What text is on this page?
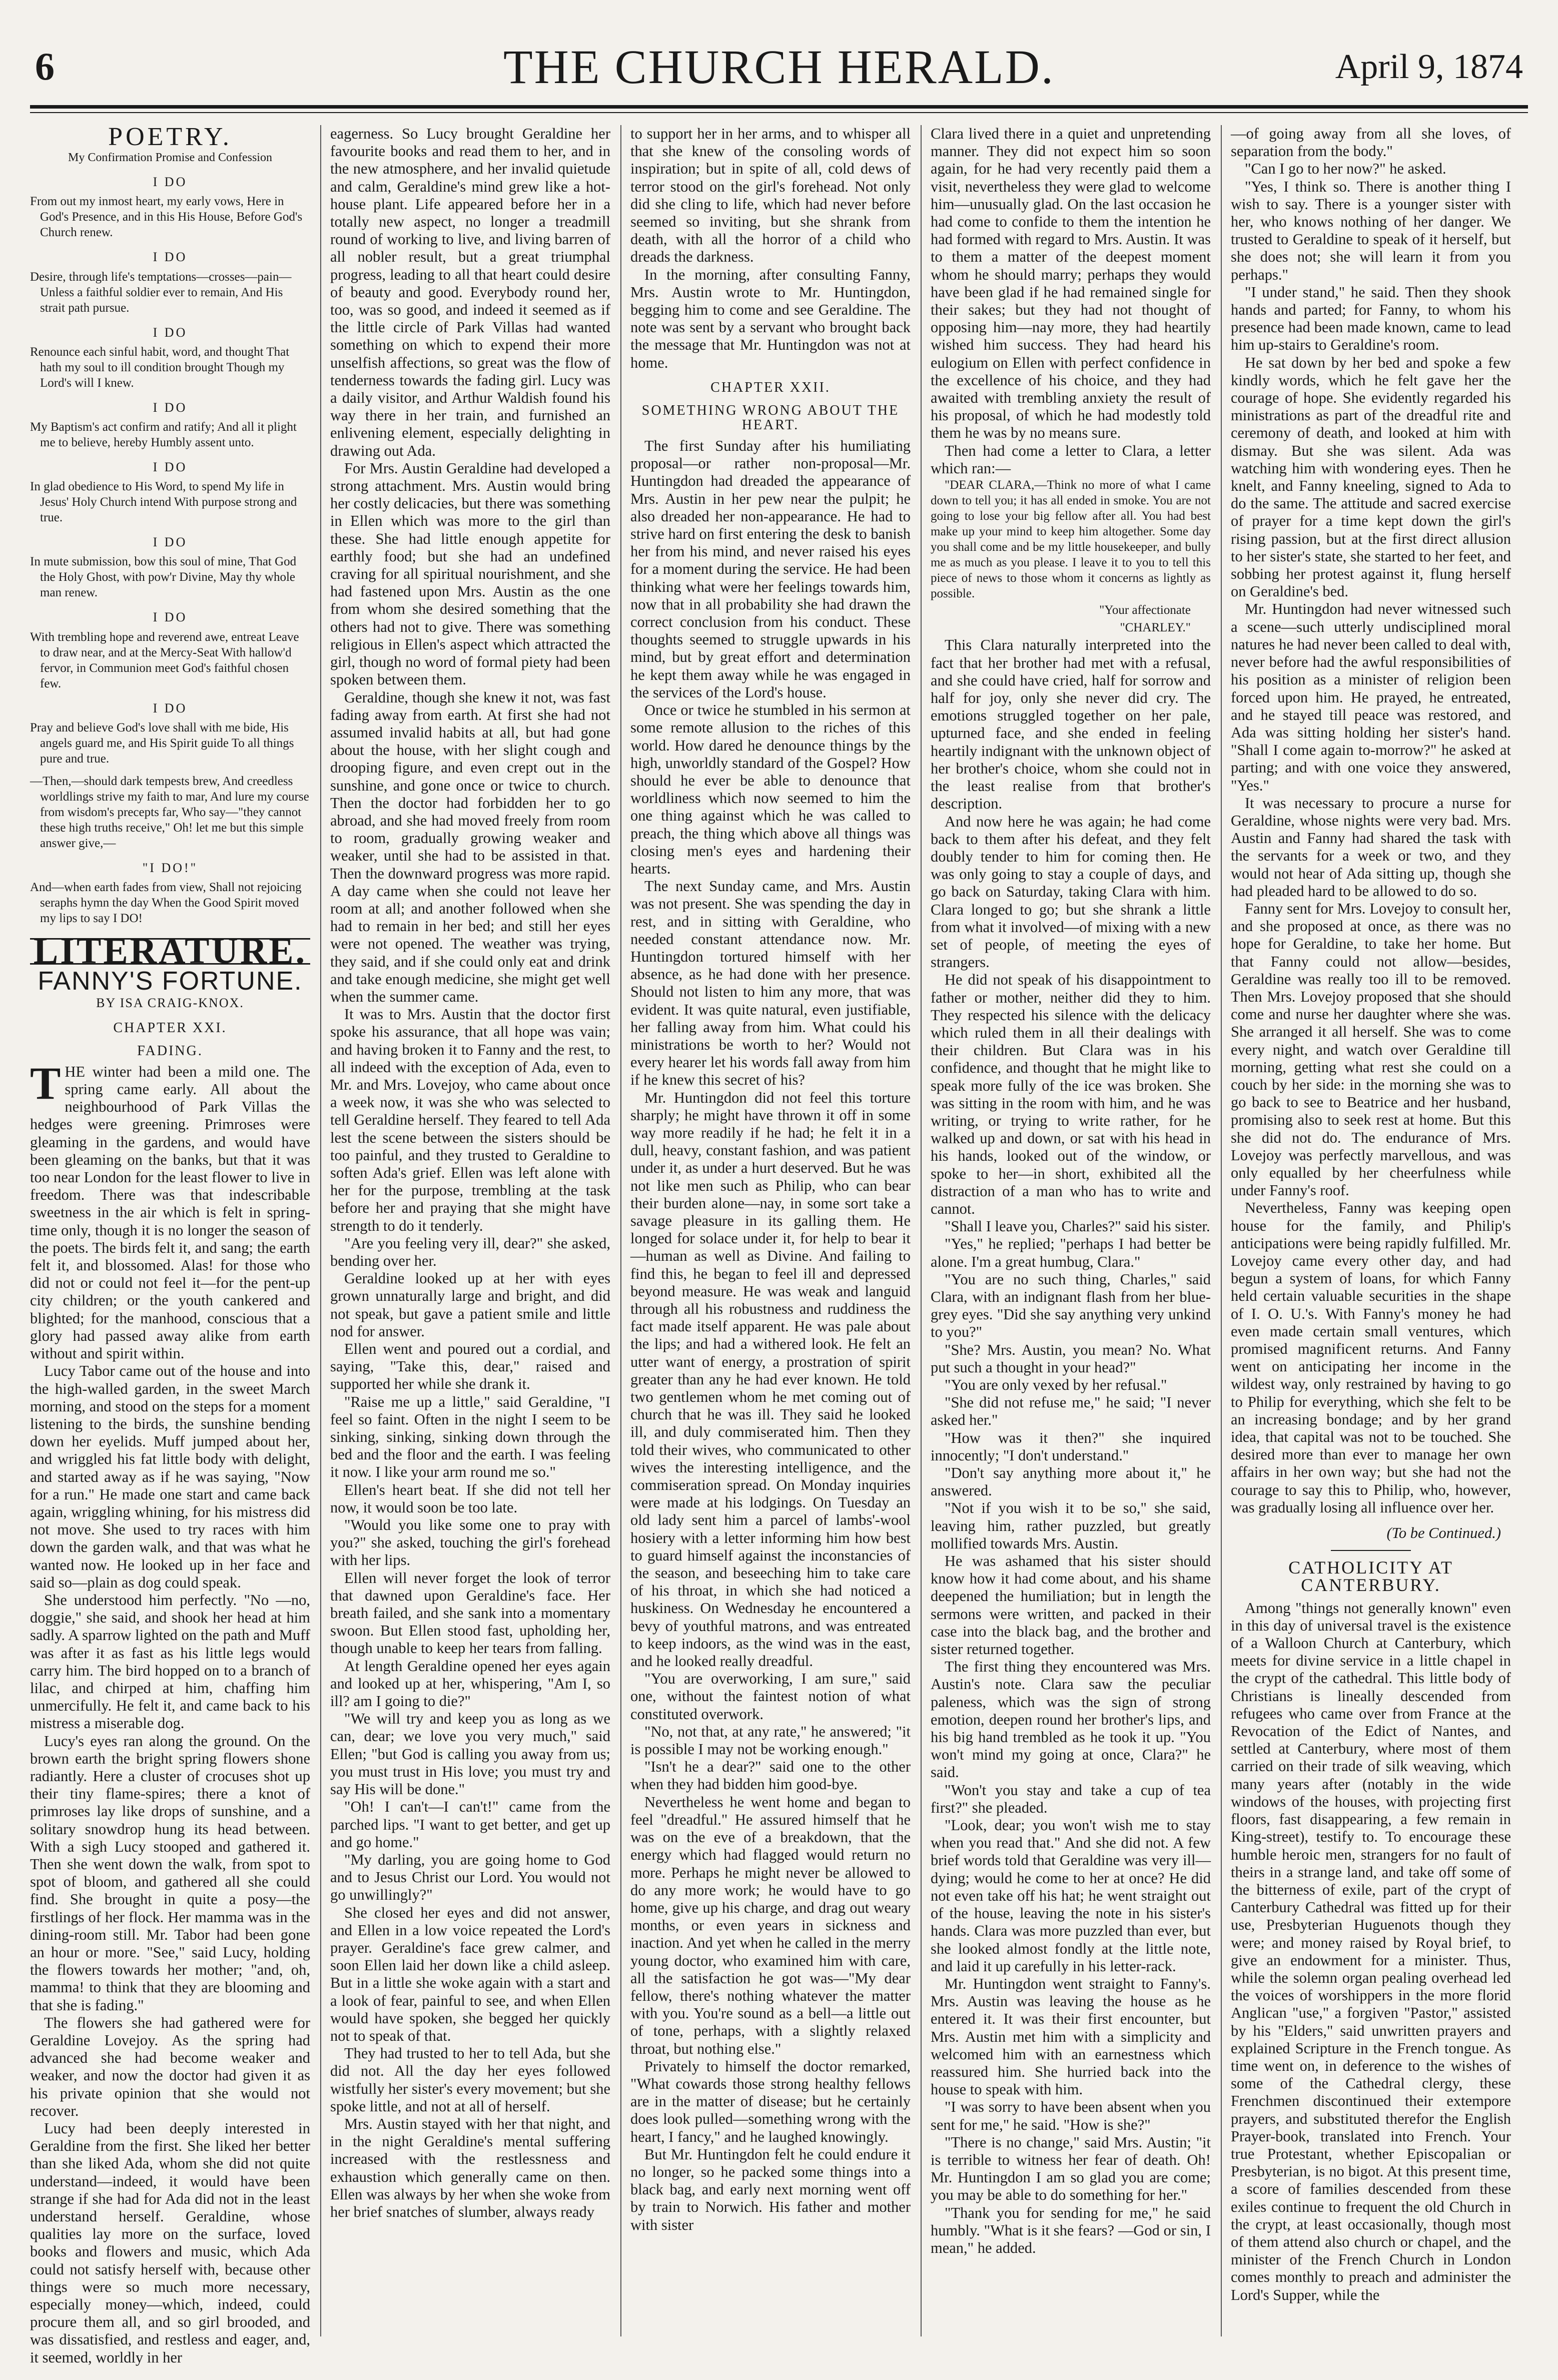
6	THE CHURCH HERALD.	April 9, 1874
POETRY.

My Confirmation Promise and Confession

I DO

From out my inmost heart, my early vows, Here in God's Presence, and in this His House, Before God's Church renew.

I DO

Desire, through life's temptations—crosses—pain—Unless a faithful soldier ever to remain, And His strait path pursue.

I DO

Renounce each sinful habit, word, and thought That hath my soul to ill condition brought Though my Lord's will I knew.

I DO

My Baptism's act confirm and ratify; And all it plight me to believe, hereby Humbly assent unto.

I DO

In glad obedience to His Word, to spend My life in Jesus' Holy Church intend With purpose strong and true.

I DO

In mute submission, bow this soul of mine, That God the Holy Ghost, with pow'r Divine, May thy whole man renew.

I DO

With trembling hope and reverend awe, entreat Leave to draw near, and at the Mercy-Seat With hallow'd fervor, in Communion meet God's faithful chosen few.

I DO

Pray and believe God's love shall with me bide, His angels guard me, and His Spirit guide To all things pure and true.

—Then,—should dark tempests brew, And creedless worldlings strive my faith to mar, And lure my course from wisdom's precepts far, Who say—"they cannot these high truths receive," Oh! let me but this simple answer give,—

"I DO!"

And—when earth fades from view, Shall not rejoicing seraphs hymn the day When the Good Spirit moved my lips to say I DO!

LITERATURE.
FANNY'S FORTUNE.
BY ISA CRAIG-KNOX.
CHAPTER XXI.
FADING.

THE winter had been a mild one. The spring came early. All about the neighbourhood of Park Villas the hedges were greening. Primroses were gleaming in the gardens, and would have been gleaming on the banks, but that it was too near London for the least flower to live in freedom. There was that indescribable sweetness in the air which is felt in spring-time only, though it is no longer the season of the poets. The birds felt it, and sang; the earth felt it, and blossomed. Alas! for those who did not or could not feel it—for the pent-up city children; or the youth cankered and blighted; for the manhood, conscious that a glory had passed away alike from earth without and spirit within.

Lucy Tabor came out of the house and into the high-walled garden, in the sweet March morning, and stood on the steps for a moment listening to the birds, the sunshine bending down her eyelids. Muff jumped about her, and wriggled his fat little body with delight, and started away as if he was saying, "Now for a run." He made one start and came back again, wriggling whining, for his mistress did not move. She used to try races with him down the garden walk, and that was what he wanted now. He looked up in her face and said so—plain as dog could speak.

She understood him perfectly. "No —no, doggie," she said, and shook her head at him sadly. A sparrow lighted on the path and Muff was after it as fast as his little legs would carry him. The bird hopped on to a branch of lilac, and chirped at him, chaffing him unmercifully. He felt it, and came back to his mistress a miserable dog.

Lucy's eyes ran along the ground. On the brown earth the bright spring flowers shone radiantly. Here a cluster of crocuses shot up their tiny flame-spires; there a knot of primroses lay like drops of sunshine, and a solitary snowdrop hung its head between. With a sigh Lucy stooped and gathered it. Then she went down the walk, from spot to spot of bloom, and gathered all she could find. She brought in quite a posy—the firstlings of her flock. Her mamma was in the dining-room still. Mr. Tabor had been gone an hour or more. "See," said Lucy, holding the flowers towards her mother; "and, oh, mamma! to think that they are blooming and that she is fading."

The flowers she had gathered were for Geraldine Lovejoy. As the spring had advanced she had become weaker and weaker, and now the doctor had given it as his private opinion that she would not recover.

Lucy had been deeply interested in Geraldine from the first. She liked her better than she liked Ada, whom she did not quite understand—indeed, it would have been strange if she had for Ada did not in the least understand herself. Geraldine, whose qualities lay more on the surface, loved books and flowers and music, which Ada could not satisfy herself with, because other things were so much more necessary, especially money—which, indeed, could procure them all, and so girl brooded, and was dissatisfied, and restless and eager, and, it seemed, worldly in her

eagerness. So Lucy brought Geraldine her favourite books and read them to her, and in the new atmosphere, and her invalid quietude and calm, Geraldine's mind grew like a hot-house plant. Life appeared before her in a totally new aspect, no longer a treadmill round of working to live, and living barren of all nobler result, but a great triumphal progress, leading to all that heart could desire of beauty and good. Everybody round her, too, was so good, and indeed it seemed as if the little circle of Park Villas had wanted something on which to expend their more unselfish affections, so great was the flow of tenderness towards the fading girl. Lucy was a daily visitor, and Arthur Waldish found his way there in her train, and furnished an enlivening element, especially delighting in drawing out Ada.

For Mrs. Austin Geraldine had developed a strong attachment. Mrs. Austin would bring her costly delicacies, but there was something in Ellen which was more to the girl than these. She had little enough appetite for earthly food; but she had an undefined craving for all spiritual nourishment, and she had fastened upon Mrs. Austin as the one from whom she desired something that the others had not to give. There was something religious in Ellen's aspect which attracted the girl, though no word of formal piety had been spoken between them.

Geraldine, though she knew it not, was fast fading away from earth. At first she had not assumed invalid habits at all, but had gone about the house, with her slight cough and drooping figure, and even crept out in the sunshine, and gone once or twice to church. Then the doctor had forbidden her to go abroad, and she had moved freely from room to room, gradually growing weaker and weaker, until she had to be assisted in that. Then the downward progress was more rapid. A day came when she could not leave her room at all; and another followed when she had to remain in her bed; and still her eyes were not opened. The weather was trying, they said, and if she could only eat and drink and take enough medicine, she might get well when the summer came.

It was to Mrs. Austin that the doctor first spoke his assurance, that all hope was vain; and having broken it to Fanny and the rest, to all indeed with the exception of Ada, even to Mr. and Mrs. Lovejoy, who came about once a week now, it was she who was selected to tell Geraldine herself. They feared to tell Ada lest the scene between the sisters should be too painful, and they trusted to Geraldine to soften Ada's grief. Ellen was left alone with her for the purpose, trembling at the task before her and praying that she might have strength to do it tenderly.

"Are you feeling very ill, dear?" she asked, bending over her.

Geraldine looked up at her with eyes grown unnaturally large and bright, and did not speak, but gave a patient smile and little nod for answer.

Ellen went and poured out a cordial, and saying, "Take this, dear," raised and supported her while she drank it.

"Raise me up a little," said Geraldine, "I feel so faint. Often in the night I seem to be sinking, sinking, sinking down through the bed and the floor and the earth. I was feeling it now. I like your arm round me so."

Ellen's heart beat. If she did not tell her now, it would soon be too late.

"Would you like some one to pray with you?" she asked, touching the girl's forehead with her lips.

Ellen will never forget the look of terror that dawned upon Geraldine's face. Her breath failed, and she sank into a momentary swoon. But Ellen stood fast, upholding her, though unable to keep her tears from falling.

At length Geraldine opened her eyes again and looked up at her, whispering, "Am I, so ill? am I going to die?"

"We will try and keep you as long as we can, dear; we love you very much," said Ellen; "but God is calling you away from us; you must trust in His love; you must try and say His will be done."

"Oh! I can't—I can't!" came from the parched lips. "I want to get better, and get up and go home."

"My darling, you are going home to God and to Jesus Christ our Lord. You would not go unwillingly?"

She closed her eyes and did not answer, and Ellen in a low voice repeated the Lord's prayer. Geraldine's face grew calmer, and soon Ellen laid her down like a child asleep. But in a little she woke again with a start and a look of fear, painful to see, and when Ellen would have spoken, she begged her quickly not to speak of that.

They had trusted to her to tell Ada, but she did not. All the day her eyes followed wistfully her sister's every movement; but she spoke little, and not at all of herself.

Mrs. Austin stayed with her that night, and in the night Geraldine's mental suffering increased with the restlessness and exhaustion which generally came on then. Ellen was always by her when she woke from her brief snatches of slumber, always ready

to support her in her arms, and to whisper all that she knew of the consoling words of inspiration; but in spite of all, cold dews of terror stood on the girl's forehead. Not only did she cling to life, which had never before seemed so inviting, but she shrank from death, with all the horror of a child who dreads the darkness.

In the morning, after consulting Fanny, Mrs. Austin wrote to Mr. Huntingdon, begging him to come and see Geraldine. The note was sent by a servant who brought back the message that Mr. Huntingdon was not at home.

CHAPTER XXII.
SOMETHING WRONG ABOUT THE HEART.

The first Sunday after his humiliating proposal—or rather non-proposal—Mr. Huntingdon had dreaded the appearance of Mrs. Austin in her pew near the pulpit; he also dreaded her non-appearance. He had to strive hard on first entering the desk to banish her from his mind, and never raised his eyes for a moment during the service. He had been thinking what were her feelings towards him, now that in all probability she had drawn the correct conclusion from his conduct. These thoughts seemed to struggle upwards in his mind, but by great effort and determination he kept them away while he was engaged in the services of the Lord's house.

Once or twice he stumbled in his sermon at some remote allusion to the riches of this world. How dared he denounce things by the high, unworldly standard of the Gospel? How should he ever be able to denounce that worldliness which now seemed to him the one thing against which he was called to preach, the thing which above all things was closing men's eyes and hardening their hearts.

The next Sunday came, and Mrs. Austin was not present. She was spending the day in rest, and in sitting with Geraldine, who needed constant attendance now. Mr. Huntingdon tortured himself with her absence, as he had done with her presence. Should not listen to him any more, that was evident. It was quite natural, even justifiable, her falling away from him. What could his ministrations be worth to her? Would not every hearer let his words fall away from him if he knew this secret of his?

Mr. Huntingdon did not feel this torture sharply; he might have thrown it off in some way more readily if he had; he felt it in a dull, heavy, constant fashion, and was patient under it, as under a hurt deserved. But he was not like men such as Philip, who can bear their burden alone—nay, in some sort take a savage pleasure in its galling them. He longed for solace under it, for help to bear it—human as well as Divine. And failing to find this, he began to feel ill and depressed beyond measure. He was weak and languid through all his robustness and ruddiness the fact made itself apparent. He was pale about the lips; and had a withered look. He felt an utter want of energy, a prostration of spirit greater than any he had ever known. He told two gentlemen whom he met coming out of church that he was ill. They said he looked ill, and duly commiserated him. Then they told their wives, who communicated to other wives the interesting intelligence, and the commiseration spread. On Monday inquiries were made at his lodgings. On Tuesday an old lady sent him a parcel of lambs'-wool hosiery with a letter informing him how best to guard himself against the inconstancies of the season, and beseeching him to take care of his throat, in which she had noticed a huskiness. On Wednesday he encountered a bevy of youthful matrons, and was entreated to keep indoors, as the wind was in the east, and he looked really dreadful.

"You are overworking, I am sure," said one, without the faintest notion of what constituted overwork.

"No, not that, at any rate," he answered; "it is possible I may not be working enough."

"Isn't he a dear?" said one to the other when they had bidden him good-bye.

Nevertheless he went home and began to feel "dreadful." He assured himself that he was on the eve of a breakdown, that the energy which had flagged would return no more. Perhaps he might never be allowed to do any more work; he would have to go home, give up his charge, and drag out weary months, or even years in sickness and inaction. And yet when he called in the merry young doctor, who examined him with care, all the satisfaction he got was—"My dear fellow, there's nothing whatever the matter with you. You're sound as a bell—a little out of tone, perhaps, with a slightly relaxed throat, but nothing else."

Privately to himself the doctor remarked, "What cowards those strong healthy fellows are in the matter of disease; but he certainly does look pulled—something wrong with the heart, I fancy," and he laughed knowingly.

But Mr. Huntingdon felt he could endure it no longer, so he packed some things into a black bag, and early next morning went off by train to Norwich. His father and mother with sister

Clara lived there in a quiet and unpretending manner. They did not expect him so soon again, for he had very recently paid them a visit, nevertheless they were glad to welcome him—unusually glad. On the last occasion he had come to confide to them the intention he had formed with regard to Mrs. Austin. It was to them a matter of the deepest moment whom he should marry; perhaps they would have been glad if he had remained single for their sakes; but they had not thought of opposing him—nay more, they had heartily wished him success. They had heard his eulogium on Ellen with perfect confidence in the excellence of his choice, and they had awaited with trembling anxiety the result of his proposal, of which he had modestly told them he was by no means sure.

Then had come a letter to Clara, a letter which ran:—

"DEAR CLARA,—Think no more of what I came down to tell you; it has all ended in smoke. You are not going to lose your big fellow after all. You had best make up your mind to keep him altogether. Some day you shall come and be my little housekeeper, and bully me as much as you please. I leave it to you to tell this piece of news to those whom it concerns as lightly as possible.

"Your affectionate

"CHARLEY."

This Clara naturally interpreted into the fact that her brother had met with a refusal, and she could have cried, half for sorrow and half for joy, only she never did cry. The emotions struggled together on her pale, upturned face, and she ended in feeling heartily indignant with the unknown object of her brother's choice, whom she could not in the least realise from that brother's description.

And now here he was again; he had come back to them after his defeat, and they felt doubly tender to him for coming then. He was only going to stay a couple of days, and go back on Saturday, taking Clara with him. Clara longed to go; but she shrank a little from what it involved—of mixing with a new set of people, of meeting the eyes of strangers.

He did not speak of his disappointment to father or mother, neither did they to him. They respected his silence with the delicacy which ruled them in all their dealings with their children. But Clara was in his confidence, and thought that he might like to speak more fully of the ice was broken. She was sitting in the room with him, and he was writing, or trying to write rather, for he walked up and down, or sat with his head in his hands, looked out of the window, or spoke to her—in short, exhibited all the distraction of a man who has to write and cannot.

"Shall I leave you, Charles?" said his sister.

"Yes," he replied; "perhaps I had better be alone. I'm a great humbug, Clara."

"You are no such thing, Charles," said Clara, with an indignant flash from her blue-grey eyes. "Did she say anything very unkind to you?"

"She? Mrs. Austin, you mean? No. What put such a thought in your head?"

"You are only vexed by her refusal."

"She did not refuse me," he said; "I never asked her."

"How was it then?" she inquired innocently; "I don't understand."

"Don't say anything more about it," he answered.

"Not if you wish it to be so," she said, leaving him, rather puzzled, but greatly mollified towards Mrs. Austin.

He was ashamed that his sister should know how it had come about, and his shame deepened the humiliation; but in length the sermons were written, and packed in their case into the black bag, and the brother and sister returned together.

The first thing they encountered was Mrs. Austin's note. Clara saw the peculiar paleness, which was the sign of strong emotion, deepen round her brother's lips, and his big hand trembled as he took it up. "You won't mind my going at once, Clara?" he said.

"Won't you stay and take a cup of tea first?" she pleaded.

"Look, dear; you won't wish me to stay when you read that." And she did not. A few brief words told that Geraldine was very ill—dying; would he come to her at once? He did not even take off his hat; he went straight out of the house, leaving the note in his sister's hands. Clara was more puzzled than ever, but she looked almost fondly at the little note, and laid it up carefully in his letter-rack.

Mr. Huntingdon went straight to Fanny's. Mrs. Austin was leaving the house as he entered it. It was their first encounter, but Mrs. Austin met him with a simplicity and welcomed him with an earnestness which reassured him. She hurried back into the house to speak with him.

"I was sorry to have been absent when you sent for me," he said. "How is she?"

"There is no change," said Mrs. Austin; "it is terrible to witness her fear of death. Oh! Mr. Huntingdon I am so glad you are come; you may be able to do something for her."

"Thank you for sending for me," he said humbly. "What is it she fears? —God or sin, I mean," he added.

—of going away from all she loves, of separation from the body."

"Can I go to her now?" he asked.

"Yes, I think so. There is another thing I wish to say. There is a younger sister with her, who knows nothing of her danger. We trusted to Geraldine to speak of it herself, but she does not; she will learn it from you perhaps."

"I under stand," he said. Then they shook hands and parted; for Fanny, to whom his presence had been made known, came to lead him up-stairs to Geraldine's room.

He sat down by her bed and spoke a few kindly words, which he felt gave her the courage of hope. She evidently regarded his ministrations as part of the dreadful rite and ceremony of death, and looked at him with dismay. But she was silent. Ada was watching him with wondering eyes. Then he knelt, and Fanny kneeling, signed to Ada to do the same. The attitude and sacred exercise of prayer for a time kept down the girl's rising passion, but at the first direct allusion to her sister's state, she started to her feet, and sobbing her protest against it, flung herself on Geraldine's bed.

Mr. Huntingdon had never witnessed such a scene—such utterly undisciplined moral natures he had never been called to deal with, never before had the awful responsibilities of his position as a minister of religion been forced upon him. He prayed, he entreated, and he stayed till peace was restored, and Ada was sitting holding her sister's hand. "Shall I come again to-morrow?" he asked at parting; and with one voice they answered, "Yes."

It was necessary to procure a nurse for Geraldine, whose nights were very bad. Mrs. Austin and Fanny had shared the task with the servants for a week or two, and they would not hear of Ada sitting up, though she had pleaded hard to be allowed to do so.

Fanny sent for Mrs. Lovejoy to consult her, and she proposed at once, as there was no hope for Geraldine, to take her home. But that Fanny could not allow—besides, Geraldine was really too ill to be removed. Then Mrs. Lovejoy proposed that she should come and nurse her daughter where she was. She arranged it all herself. She was to come every night, and watch over Geraldine till morning, getting what rest she could on a couch by her side: in the morning she was to go back to see to Beatrice and her husband, promising also to seek rest at home. But this she did not do. The endurance of Mrs. Lovejoy was perfectly marvellous, and was only equalled by her cheerfulness while under Fanny's roof.

Nevertheless, Fanny was keeping open house for the family, and Philip's anticipations were being rapidly fulfilled. Mr. Lovejoy came every other day, and had begun a system of loans, for which Fanny held certain valuable securities in the shape of I. O. U.'s. With Fanny's money he had even made certain small ventures, which promised magnificent returns. And Fanny went on anticipating her income in the wildest way, only restrained by having to go to Philip for everything, which she felt to be an increasing bondage; and by her grand idea, that capital was not to be touched. She desired more than ever to manage her own affairs in her own way; but she had not the courage to say this to Philip, who, however, was gradually losing all influence over her.

(To be Continued.)
CATHOLICITY AT CANTERBURY.

Among "things not generally known" even in this day of universal travel is the existence of a Walloon Church at Canterbury, which meets for divine service in a little chapel in the crypt of the cathedral. This little body of Christians is lineally descended from refugees who came over from France at the Revocation of the Edict of Nantes, and settled at Canterbury, where most of them carried on their trade of silk weaving, which many years after (notably in the wide windows of the houses, with projecting first floors, fast disappearing, a few remain in King-street), testify to. To encourage these humble heroic men, strangers for no fault of theirs in a strange land, and take off some of the bitterness of exile, part of the crypt of Canterbury Cathedral was fitted up for their use, Presbyterian Huguenots though they were; and money raised by Royal brief, to give an endowment for a minister. Thus, while the solemn organ pealing overhead led the voices of worshippers in the more florid Anglican "use," a forgiven "Pastor," assisted by his "Elders," said unwritten prayers and explained Scripture in the French tongue. As time went on, in deference to the wishes of some of the Cathedral clergy, these Frenchmen discontinued their extempore prayers, and substituted therefor the English Prayer-book, translated into French. Your true Protestant, whether Episcopalian or Presbyterian, is no bigot. At this present time, a score of families descended from these exiles continue to frequent the old Church in the crypt, at least occasionally, though most of them attend also church or chapel, and the minister of the French Church in London comes monthly to preach and administer the Lord's Supper, while the
